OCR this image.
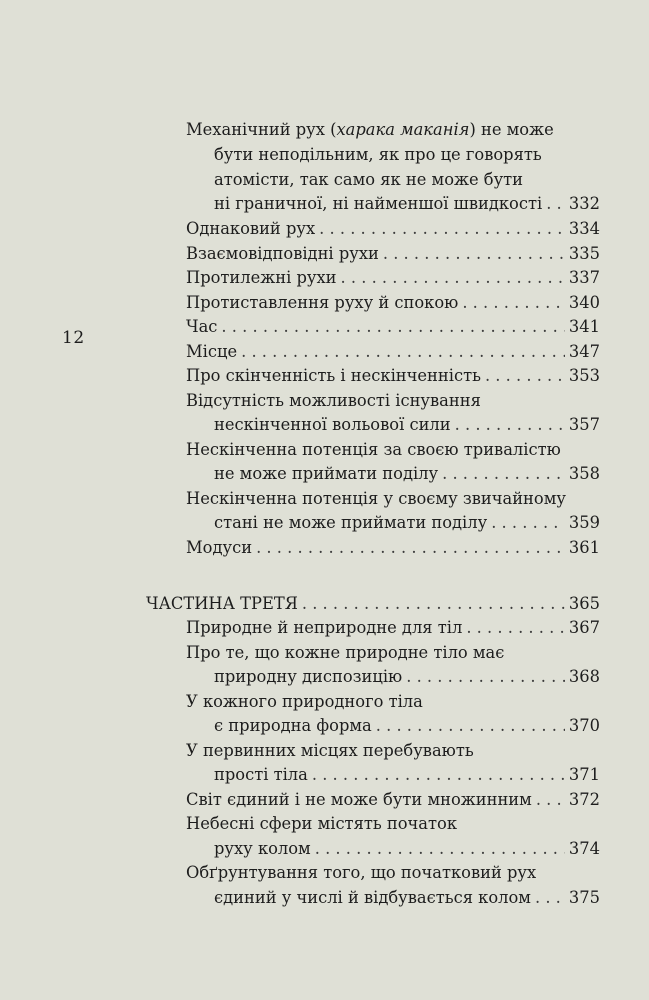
12
Механічний рух (харака маканія) не може
бути неподільним, як про це говорять
атомісти, так само як не може бути
ні граничної, ні найменшої швидкості . . . 332
Однаковий рух . . .	334
Взаємовідповідні рухи . . .	335
Протилежні рухи . . .	337
Протиставлення руху й спокою . . .	340
Час . . .	341
Місце . . .	347
Про скінченність і нескінченність . . .	353
Відсутність можливості існування
нескінченної вольової сили . . .	357
Нескінченна потенція за своєю тривалістю
не може приймати поділу . . .	358
Нескінченна потенція у своєму звичайному
стані не може приймати поділу . . .	359
Модуси . . .	361
ЧАСТИНА ТРЕТЯ . . .	365
Природне й неприродне для тіл . . .	367
Про те, що кожне природне тіло має
природну диспозицію . . .	368
У кожного природного тіла
є природна форма . . .	370
У первинних місцях перебувають
прості тіла . . .	371
Світ єдиний і не може бути множинним . . . 372
Небесні сфери містять початок
руху колом . . .	374
Обґрунтування того, що початковий рух
єдиний у числі й відбувається колом . . . 375
